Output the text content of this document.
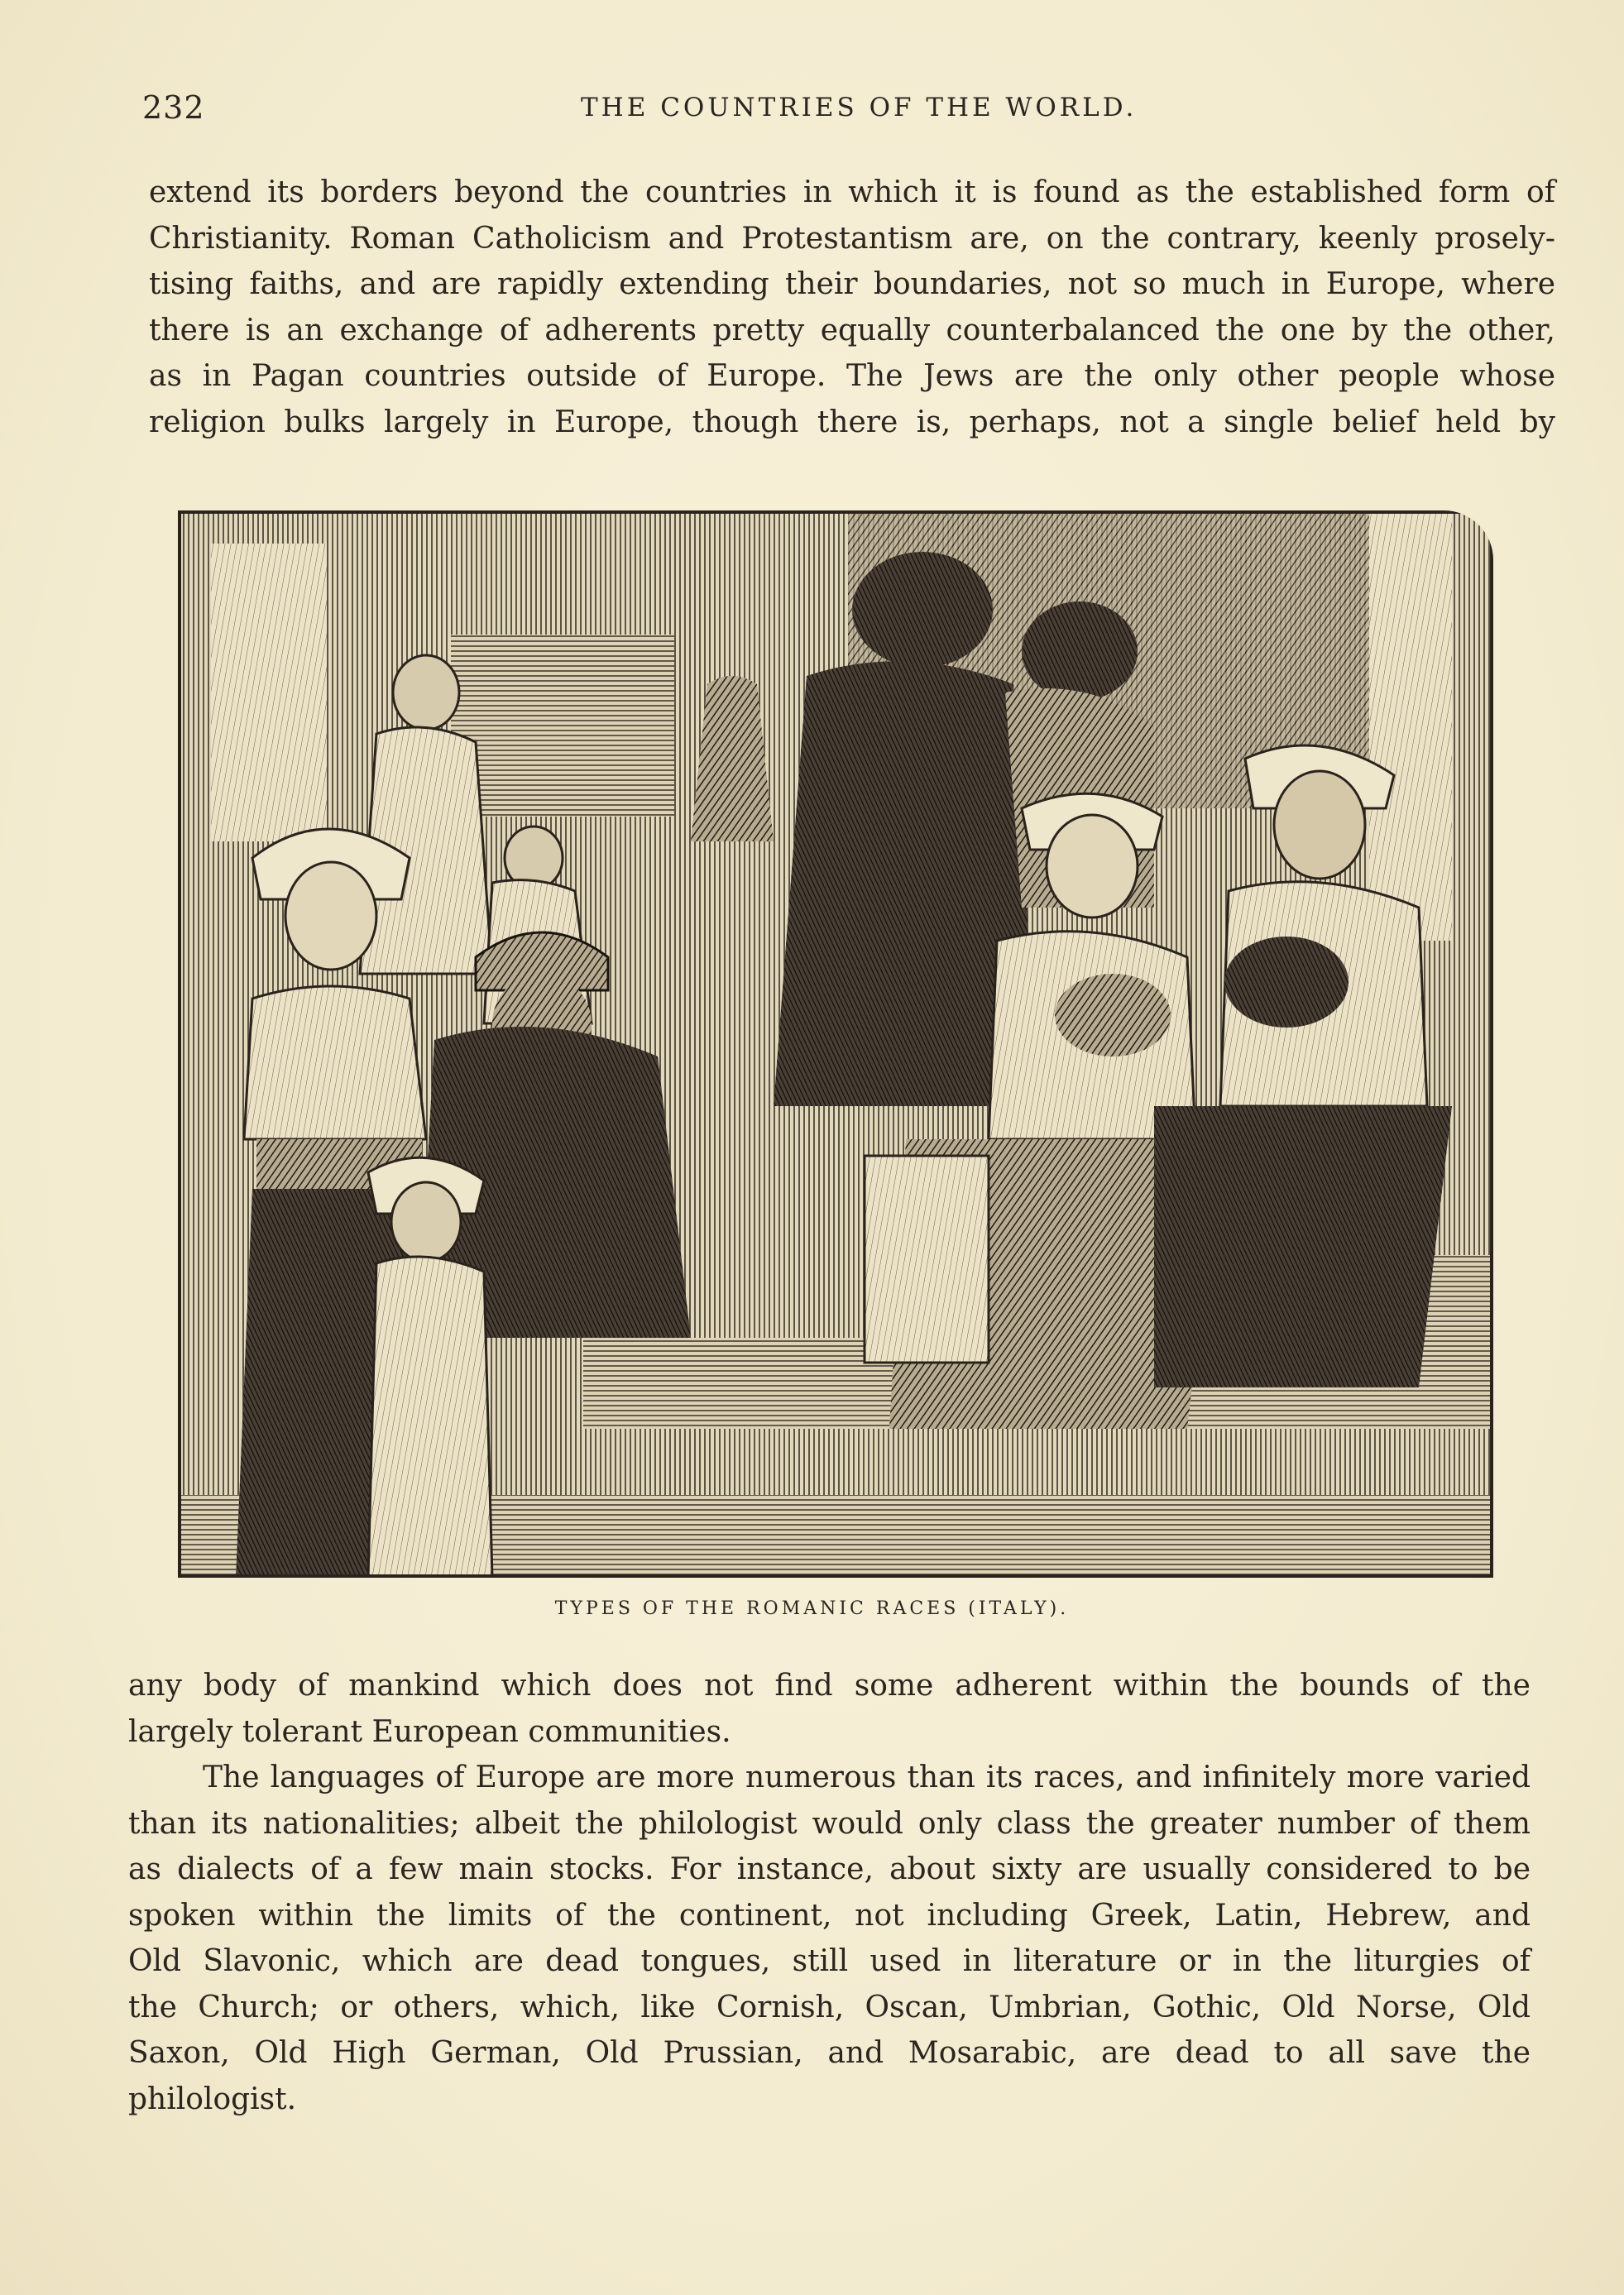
232	THE COUNTRIES OF THE WORLD.
extend its borders beyond the countries in which it is found as the established form of
Christianity. Roman Catholicism and Protestantism are, on the contrary, keenly prosely-
tising faiths, and are rapidly extending their boundaries, not so much in Europe, where
there is an exchange of adherents pretty equally counterbalanced the one by the other,
as in Pagan countries outside of Europe. The Jews are the only other people whose
religion bulks largely in Europe, though there is, perhaps, not a single belief held by
TYPES OF THE ROMANIC RACES (ITALY).
any body of mankind which does not find some adherent within the bounds of the
largely tolerant European communities.
The languages of Europe are more numerous than its races, and infinitely more varied
than its nationalities; albeit the philologist would only class the greater number of them
as dialects of a few main stocks. For instance, about sixty are usually considered to be
spoken within the limits of the continent, not including Greek, Latin, Hebrew, and
Old Slavonic, which are dead tongues, still used in literature or in the liturgies of
the Church; or others, which, like Cornish, Oscan, Umbrian, Gothic, Old Norse, Old
Saxon, Old High German, Old Prussian, and Mosarabic, are dead to all save the
philologist.
